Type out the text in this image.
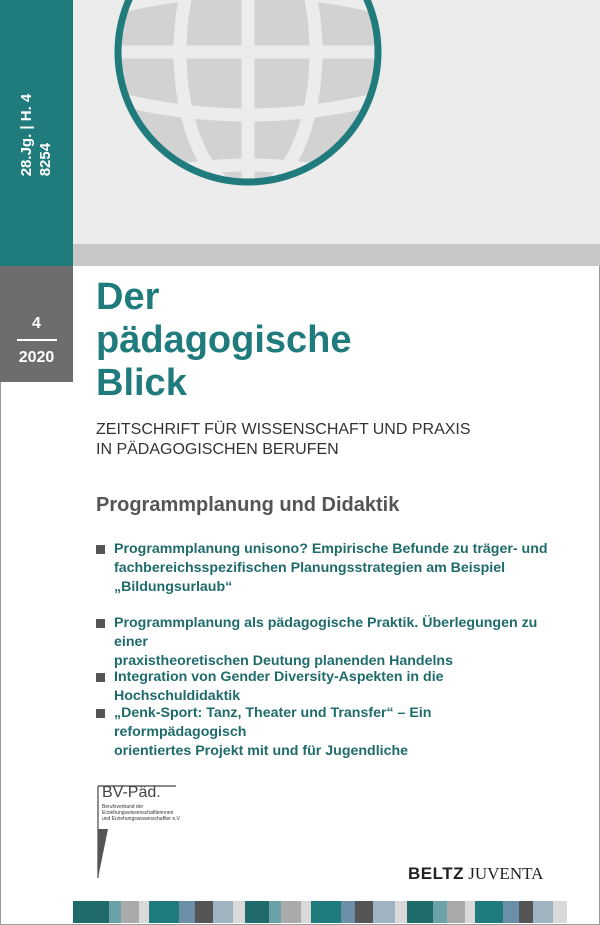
28.Jg. | H. 4 8254
4
2020
Der
pädagogische
Blick
ZEITSCHRIFT FÜR WISSENSCHAFT UND PRAXIS
IN PÄDAGOGISCHEN BERUFEN
Programmplanung und Didaktik
Programmplanung unisono? Empirische Befunde zu träger- und
fachbereichsspezifischen Planungsstrategien am Beispiel
„Bildungsurlaub“
Programmplanung als pädagogische Praktik. Überlegungen zu einer
praxistheoretischen Deutung planenden Handelns
Integration von Gender Diversity-Aspekten in die Hochschuldidaktik
„Denk-Sport: Tanz, Theater und Transfer“ – Ein reformpädagogisch
orientiertes Projekt mit und für Jugendliche
BV-Päd.
Berufsverband der
Erziehungswissenschaftlerinnen
und Erziehungswissenschaftler e.V.
BELTZ JUVENTA
